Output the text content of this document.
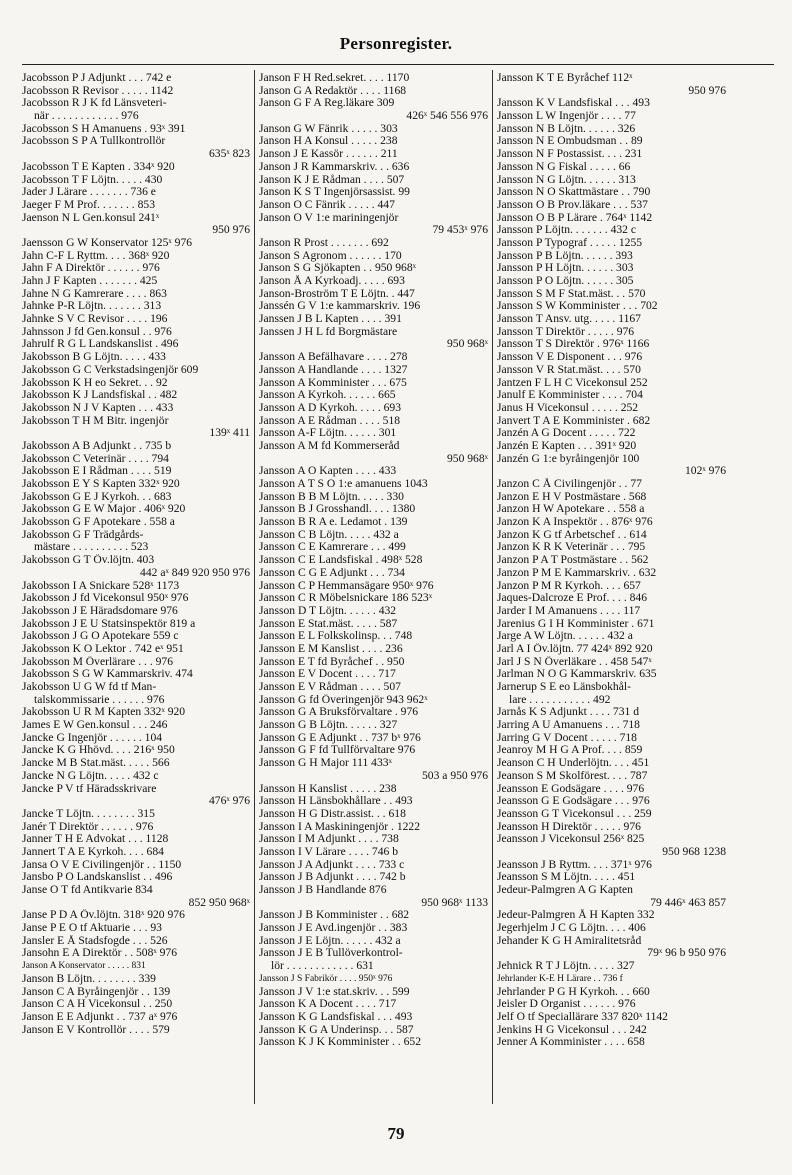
Personregister.
Jacobsson P J Adjunkt . . . 742 e
Jacobsson R Revisor . . . . . 1142
Jacobsson R J K fd Länsveteri-
när . . . . . . . . . . . . 976
Jacobsson S H Amanuens . 93ˣ 391
Jacobsson S P A Tullkontrollör
635ˣ 823
Jacobsson T E Kapten . 334ˣ 920
Jacobsson T F Löjtn. . . . . 430
Jader J Lärare . . . . . . . 736 e
Jaeger F M Prof. . . . . . . 853
Jaenson N L Gen.konsul 241ˣ
950 976
Jaensson G W Konservator 125ˣ 976
Jahn C-F L Ryttm. . . . 368ˣ 920
Jahn F A Direktör . . . . . . 976
Jahn J F Kapten . . . . . . . 425
Jahne N G Kamrerare . . . . 863
Jahnke P-R Löjtn. . . . . . . 313
Jahnke S V C Revisor . . . . 196
Jahnsson J fd Gen.konsul . . 976
Jahrulf R G L Landskanslist . 496
Jakobsson B G Löjtn. . . . . 433
Jakobsson G C Verkstadsingenjör 609
Jakobsson K H eo Sekret. . . 92
Jakobsson K J Landsfiskal . . 482
Jakobsson N J V Kapten . . . 433
Jakobsson T H M Bitr. ingenjör
139ˣ 411
Jakobsson A B Adjunkt . . 735 b
Jakobsson C Veterinär . . . . 794
Jakobsson E I Rådman . . . . 519
Jakobsson E Y S Kapten 332ˣ 920
Jakobsson G E J Kyrkoh. . . 683
Jakobsson G E W Major . 406ˣ 920
Jakobsson G F Apotekare . 558 a
Jakobsson G F Trädgårds-
mästare . . . . . . . . . . 523
Jakobsson G T Öv.löjtn. 403
442 aˣ 849 920 950 976
Jakobsson I A Snickare 528ˣ 1173
Jakobsson J fd Vicekonsul 950ˣ 976
Jakobsson J E Häradsdomare 976
Jakobsson J E U Statsinspektör 819 a
Jakobsson J G O Apotekare 559 c
Jakobsson K O Lektor . 742 eˣ 951
Jakobsson M Överlärare . . . 976
Jakobsson S G W Kammarskriv. 474
Jakobsson U G W fd tf Man-
talskommissarie . . . . . . 976
Jakobsson U R M Kapten 332ˣ 920
James E W Gen.konsul . . . 246
Jancke G Ingenjör . . . . . . 104
Jancke K G Hhövd. . . . 216ˣ 950
Jancke M B Stat.mäst. . . . . 566
Jancke N G Löjtn. . . . . 432 c
Jancke P V tf Häradsskrivare
476ˣ 976
Jancke T Löjtn. . . . . . . . 315
Janér T Direktör . . . . . . 976
Janner T H E Advokat . . . 1128
Jannert T A E Kyrkoh. . . . 684
Jansa O V E Civilingenjör . . 1150
Jansbo P O Landskanslist . . 496
Janse O T fd Antikvarie 834
852 950 968ˣ
Janse P D A Öv.löjtn. 318ˣ 920 976
Janse P E O tf Aktuarie . . . 93
Jansler E Å Stadsfogde . . . 526
Jansohn E A Direktör . . 508ˣ 976
Janson A Konservator . . . . . 831
Janson B Löjtn. . . . . . . . 339
Janson C A Byråingenjör . . 139
Janson C A H Vicekonsul . . 250
Janson E E Adjunkt . . 737 aˣ 976
Janson E V Kontrollör . . . . 579
Janson F H Red.sekret. . . . 1170
Janson G A Redaktör . . . . 1168
Janson G F A Reg.läkare 309
426ˣ 546 556 976
Janson G W Fänrik . . . . . 303
Janson H A Konsul . . . . . 238
Janson J E Kassör . . . . . . 211
Janson J R Kammarskriv. . . 636
Janson K J E Rådman . . . . 507
Janson K S T Ingenjörsassist. 99
Janson O C Fänrik . . . . . 447
Janson O V 1:e mariningenjör
79 453ˣ 976
Janson R Prost . . . . . . . 692
Janson S Agronom . . . . . . 170
Janson S G Sjökapten . . 950 968ˣ
Janson Å A Kyrkoadj. . . . . 693
Janson-Broström T E Löjtn. . 447
Janssén G V 1:e kammarskriv. 196
Janssen J B L Kapten . . . . 391
Janssen J H L fd Borgmästare
950 968ˣ
Jansson A Befälhavare . . . . 278
Jansson A Handlande . . . . 1327
Jansson A Komminister . . . 675
Jansson A Kyrkoh. . . . . . 665
Jansson A D Kyrkoh. . . . . 693
Jansson A E Rådman . . . . 518
Jansson A-F Löjtn. . . . . . 301
Jansson A M fd Kommerseråd
950 968ˣ
Jansson A O Kapten . . . . 433
Jansson A T S O 1:e amanuens 1043
Jansson B B M Löjtn. . . . . 330
Jansson B J Grosshandl. . . . 1380
Jansson B R A e. Ledamot . 139
Jansson C B Löjtn. . . . . 432 a
Jansson C E Kamrerare . . . 499
Jansson C E Landsfiskal . 498ˣ 528
Jansson C G E Adjunkt . . . 734
Jansson C P Hemmansägare 950ˣ 976
Jansson C R Möbelsnickare 186 523ˣ
Jansson D T Löjtn. . . . . . 432
Jansson E Stat.mäst. . . . . 587
Jansson E L Folkskolinsp. . . 748
Jansson E M Kanslist . . . . 236
Jansson E T fd Byråchef . . 950
Jansson E V Docent . . . . 717
Jansson E V Rådman . . . . 507
Jansson G fd Överingenjör 943 962ˣ
Jansson G A Bruksförvaltare . 976
Jansson G B Löjtn. . . . . . 327
Jansson G E Adjunkt . . 737 bˣ 976
Jansson G F fd Tullförvaltare 976
Jansson G H Major 111 433ˣ
503 a 950 976
Jansson H Kanslist . . . . . 238
Jansson H Länsbokhållare . . 493
Jansson H G Distr.assist. . . 618
Jansson I A Maskiningenjör . 1222
Jansson I M Adjunkt . . . . 738
Jansson I V Lärare . . . . 746 b
Jansson J A Adjunkt . . . . 733 c
Jansson J B Adjunkt . . . . 742 b
Jansson J B Handlande 876
950 968ˣ 1133
Jansson J B Komminister . . 682
Jansson J E Avd.ingenjör . . 383
Jansson J E Löjtn. . . . . . 432 a
Jansson J E B Tullöverkontrol-
lör . . . . . . . . . . . . 631
Jansson J S Fabrikör . . . . 950ˣ 976
Jansson J V 1:e stat.skriv. . . 599
Jansson K A Docent . . . . 717
Jansson K G Landsfiskal . . . 493
Jansson K G A Underinsp. . . 587
Jansson K J K Komminister . . 652
Jansson K T E Byråchef 112ˣ
950 976
Jansson K V Landsfiskal . . . 493
Jansson L W Ingenjör . . . . 77
Jansson N B Löjtn. . . . . . 326
Jansson N E Ombudsman . . 89
Jansson N F Postassist. . . . 231
Jansson N G Fiskal . . . . . 66
Jansson N G Löjtn. . . . . . 313
Jansson N O Skattmästare . . 790
Jansson O B Prov.läkare . . . 537
Jansson O B P Lärare . 764ˣ 1142
Jansson P Löjtn. . . . . . . 432 c
Jansson P Typograf . . . . . 1255
Jansson P B Löjtn. . . . . . 393
Jansson P H Löjtn. . . . . . 303
Jansson P O Löjtn. . . . . . 305
Jansson S M F Stat.mäst. . . 570
Jansson S W Komminister . . . 702
Jansson T Ansv. utg. . . . . 1167
Jansson T Direktör . . . . . 976
Jansson T S Direktör . 976ˣ 1166
Jansson V E Disponent . . . 976
Jansson V R Stat.mäst. . . . 570
Jantzen F L H C Vicekonsul 252
Janulf E Komminister . . . . 704
Janus H Vicekonsul . . . . . 252
Janvert T A E Komminister . 682
Janzén A G Docent . . . . . 722
Janzén E Kapten . . . 391ˣ 920
Janzén G 1:e byråingenjör 100
102ˣ 976
Janzon C Å Civilingenjör . . 77
Janzon E H V Postmästare . 568
Janzon H W Apotekare . . 558 a
Janzon K A Inspektör . . 876ˣ 976
Janzon K G tf Arbetschef . . 614
Janzon K R K Veterinär . . . 795
Janzon P A T Postmästare . . 562
Janzon P M E Kammarskriv. . 632
Janzon P M R Kyrkoh. . . . 657
Jaques-Dalcroze E Prof. . . . 846
Jarder I M Amanuens . . . . 117
Jarenius G I H Komminister . 671
Jarge A W Löjtn. . . . . . 432 a
Jarl A I Öv.löjtn. 77 424ˣ 892 920
Jarl J S N Överläkare . . 458 547ˣ
Jarlman N O G Kammarskriv. 635
Jarnerup S E eo Länsbokhål-
lare . . . . . . . . . . . 492
Jarnås K S Adjunkt . . . . 731 d
Jarring A U Amanuens . . . 718
Jarring G V Docent . . . . . 718
Jeanroy M H G A Prof. . . . 859
Jeanson C H Underlöjtn. . . . 451
Jeanson S M Skolförest. . . . 787
Jeansson E Godsägare . . . . 976
Jeansson G E Godsägare . . . 976
Jeansson G T Vicekonsul . . . 259
Jeansson H Direktör . . . . . 976
Jeansson J Vicekonsul 256ˣ 825
950 968 1238
Jeansson J B Ryttm. . . . 371ˣ 976
Jeansson S M Löjtn. . . . . 451
Jedeur-Palmgren A G Kapten
79 446ˣ 463 857
Jedeur-Palmgren Å H Kapten 332
Jegerhjelm J C G Löjtn. . . . 406
Jehander K G H Amiralitetsråd
79ˣ 96 b 950 976
Jehnick R T J Löjtn. . . . . 327
Jehrlander K-E H Lärare . . 736 f
Jehrlander P G H Kyrkoh. . . 660
Jeisler D Organist . . . . . . 976
Jelf O tf Speciallärare 337 820ˣ 1142
Jenkins H G Vicekonsul . . . 242
Jenner A Komminister . . . . 658
79
